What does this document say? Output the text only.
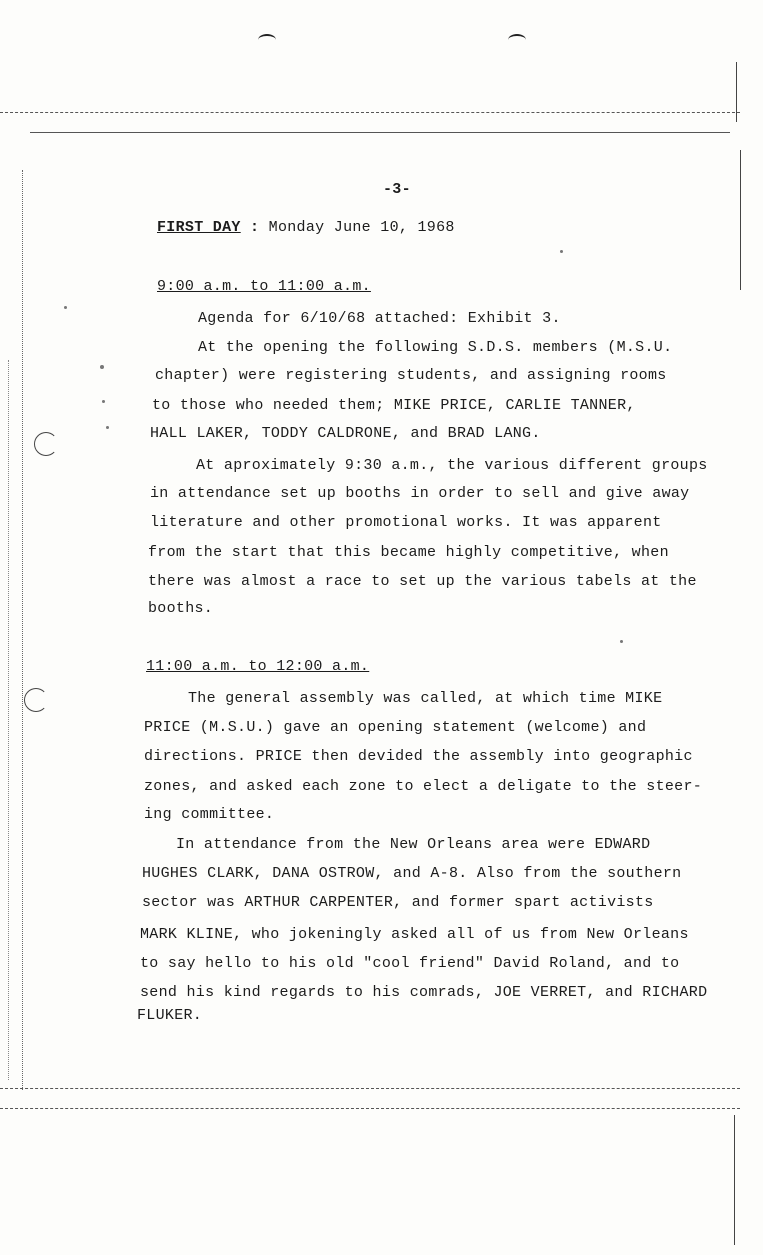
-3-
FIRST DAY : Monday June 10, 1968
9:00 a.m. to 11:00 a.m.
Agenda for 6/10/68 attached: Exhibit 3.
At the opening the following S.D.S. members (M.S.U.
chapter) were registering students, and assigning rooms
to those who needed them; MIKE PRICE, CARLIE TANNER,
HALL LAKER, TODDY CALDRONE, and BRAD LANG.
At aproximately 9:30 a.m., the various different groups
in attendance set up booths in order to sell and give away
literature and other promotional works. It was apparent
from the start that this became highly competitive, when
there was almost a race to set up the various tabels at the
booths.
11:00 a.m. to 12:00 a.m.
The general assembly was called, at which time MIKE
PRICE (M.S.U.) gave an opening statement (welcome) and
directions. PRICE then devided the assembly into geographic
zones, and asked each zone to elect a deligate to the steer-
ing committee.
In attendance from the New Orleans area were EDWARD
HUGHES CLARK, DANA OSTROW, and A-8. Also from the southern
sector was ARTHUR CARPENTER, and former spart activists
MARK KLINE, who jokeningly asked all of us from New Orleans
to say hello to his old "cool friend" David Roland, and to
send his kind regards to his comrads, JOE VERRET, and RICHARD
FLUKER.
